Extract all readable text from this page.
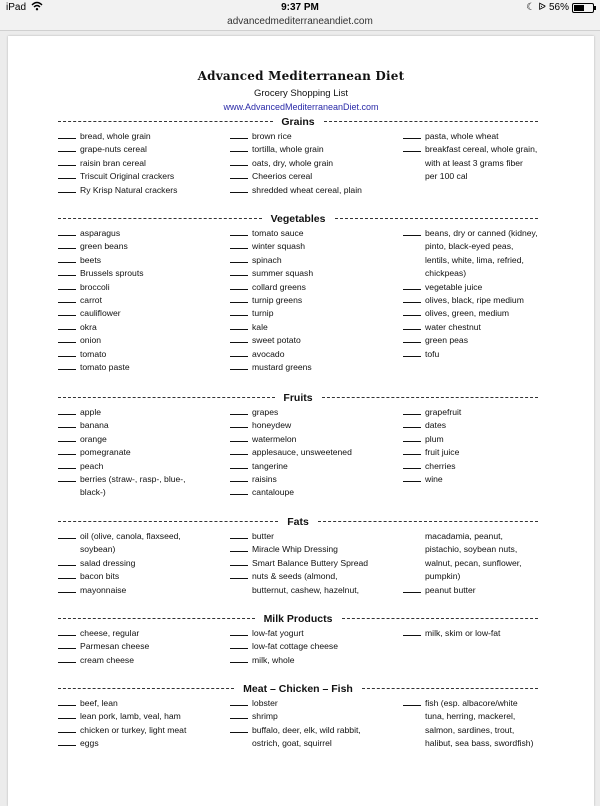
iPad	9:37 PM	☾ ᐉ 56%
advancedmediterraneandiet.com
Advanced Mediterranean Diet
Grocery Shopping List
www.AdvancedMediterraneanDiet.com
Grains
bread, whole grain
grape-nuts cereal
raisin bran cereal
Triscuit Original crackers
Ry Krisp Natural crackers
brown rice
tortilla, whole grain
oats, dry, whole grain
Cheerios cereal
shredded wheat cereal, plain
pasta, whole wheat
breakfast cereal, whole grain,
with at least 3 grams fiber
per 100 cal
Vegetables
asparagus
green beans
beets
Brussels sprouts
broccoli
carrot
cauliflower
okra
onion
tomato
tomato paste
tomato sauce
winter squash
spinach
summer squash
collard greens
turnip greens
turnip
kale
sweet potato
avocado
mustard greens
beans, dry or canned (kidney,
pinto, black-eyed peas,
lentils, white, lima, refried,
chickpeas)
vegetable juice
olives, black, ripe medium
olives, green, medium
water chestnut
green peas
tofu
Fruits
apple
banana
orange
pomegranate
peach
berries (straw-, rasp-, blue-,
black-)
grapes
honeydew
watermelon
applesauce, unsweetened
tangerine
raisins
cantaloupe
grapefruit
dates
plum
fruit juice
cherries
wine
Fats
oil (olive, canola, flaxseed,
soybean)
salad dressing
bacon bits
mayonnaise
butter
Miracle Whip Dressing
Smart Balance Buttery Spread
nuts & seeds (almond,
butternut, cashew, hazelnut,
macadamia, peanut,
pistachio, soybean nuts,
walnut, pecan, sunflower,
pumpkin)
peanut butter
Milk Products
cheese, regular
Parmesan cheese
cream cheese
low-fat yogurt
low-fat cottage cheese
milk, whole
milk, skim or low-fat
Meat – Chicken – Fish
beef, lean
lean pork, lamb, veal, ham
chicken or turkey, light meat
eggs
lobster
shrimp
buffalo, deer, elk, wild rabbit,
ostrich, goat, squirrel
fish (esp. albacore/white
tuna, herring, mackerel,
salmon, sardines, trout,
halibut, sea bass, swordfish)
